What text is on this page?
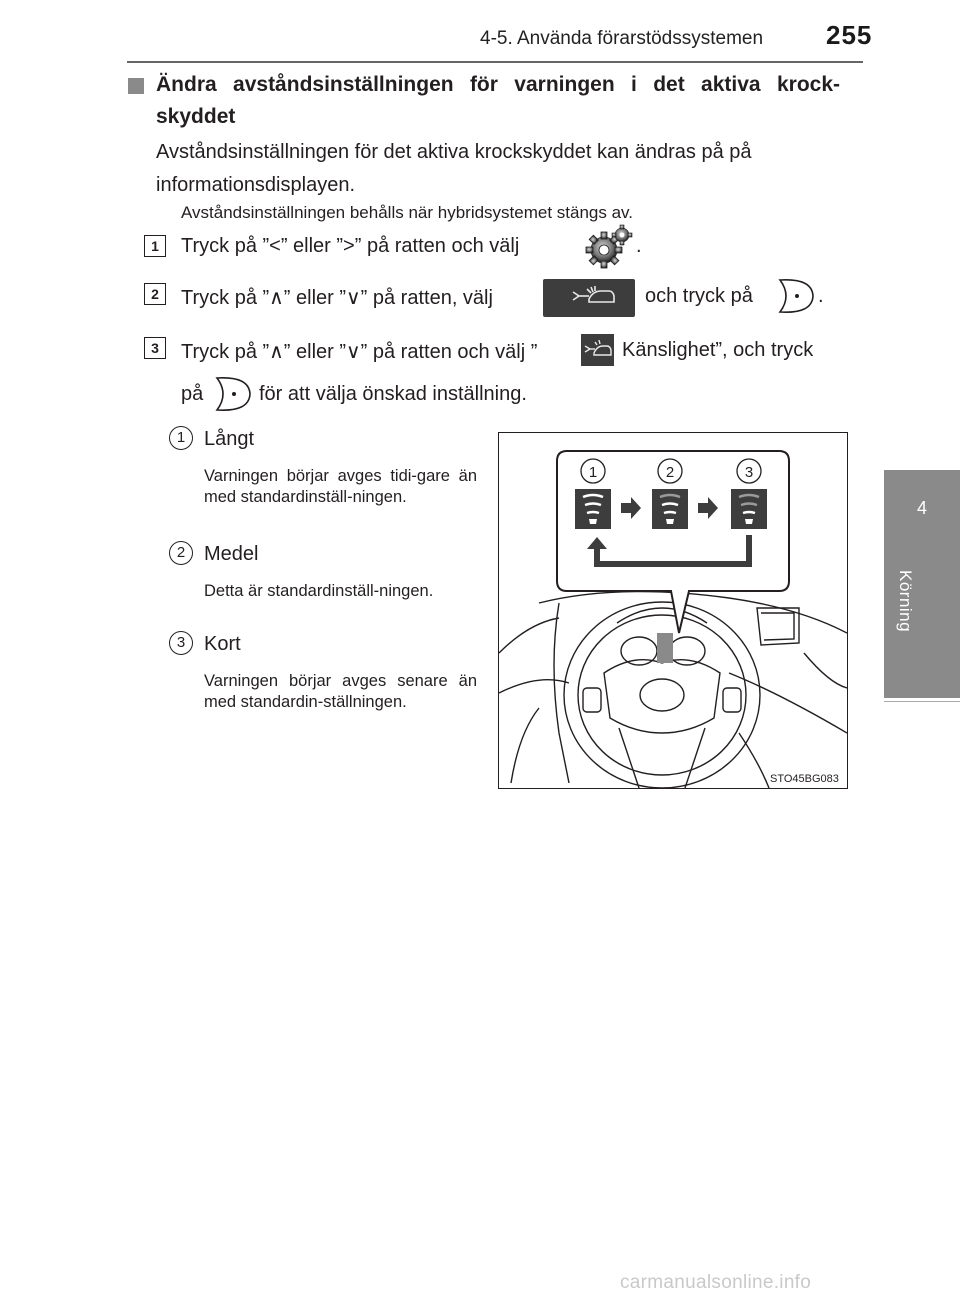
4-5. Använda förarstödssystemen 255
4
Körning
Ändra avståndsinställningen för varningen i det aktiva krock-skyddet
Avståndsinställningen för det aktiva krockskyddet kan ändras på på informationsdisplayen.
Avståndsinställningen behålls när hybridsystemet stängs av.
1	Tryck på ”<” eller ”>” på ratten och välj	.
2	Tryck på ”∧” eller ”∨” på ratten, välj	och tryck på	.
3	Tryck på ”∧” eller ”∨” på ratten och välj ”	Känslighet”, och tryck
på	för att välja önskad inställning.
1 Långt
Varningen börjar avges tidi-gare än med standardinställ-ningen.
2 Medel
Detta är standardinställ-ningen.
3 Kort
Varningen börjar avges senare än med standardin-ställningen.
1	2	3
STO45BG083
carmanualsonline.info
